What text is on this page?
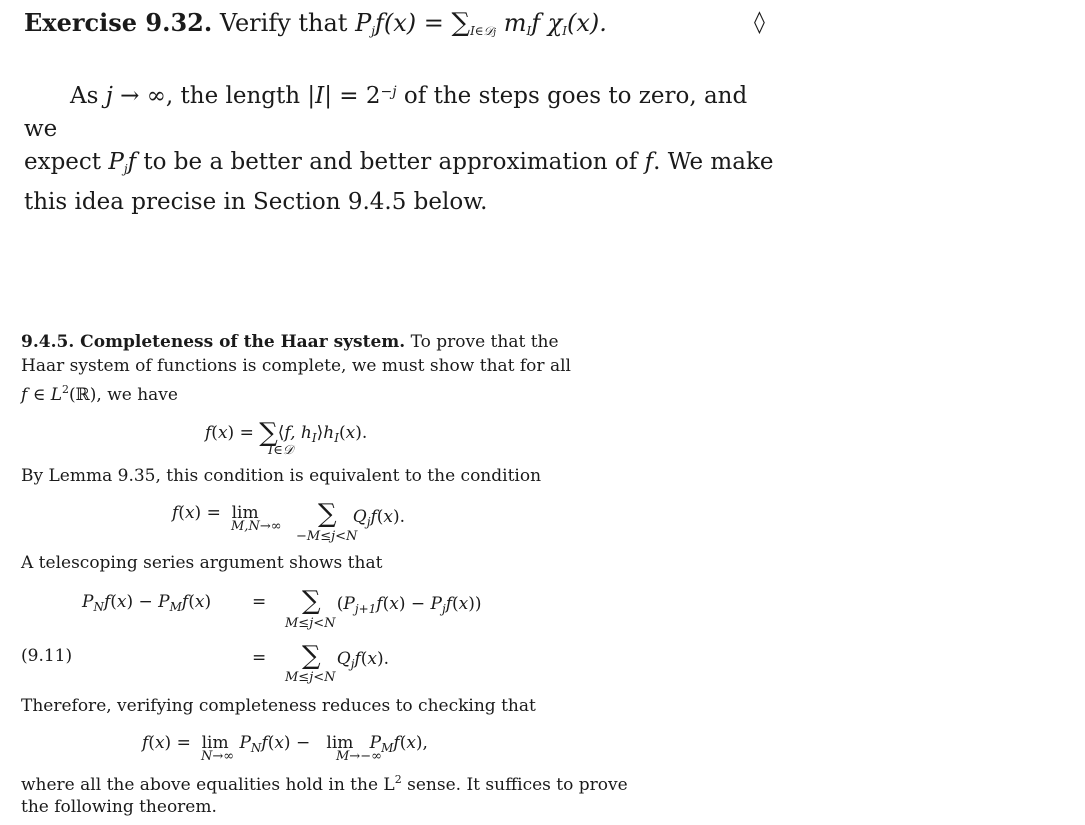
Exercise 9.32. Verify that $P_jf(x) = \sum_{I\in 𝒟j}$ $m_If$ $\chi_I(x)$.	◊
As j → ∞, the length $|I| = 2^{-j}$ of the steps goes to zero, and we
expect $P_jf$ to be a better and better approximation of f. We make
this idea precise in Section 9.4.5 below.
9.4.5. Completeness of the Haar system. To prove that the
Haar system of functions is complete, we must show that for all
f ∈ $L^2(ℝ)$, we have
f(x) = ∑⟨f, $h_I⟩h_I(x)$.
I∈𝒟
By Lemma 9.35, this condition is equivalent to the condition
f(x) =  lim
M,N→∞ ∑ $Q_jf(x)$.
−M≤j<N
A telescoping series argument shows that
$P_Nf(x) - P_Mf(x)$ = ∑   $(P_{j+1}f(x) - P_jf(x))$
M≤j<N
(9.11)	= ∑ $Q_jf(x)$.
M≤j<N
Therefore, verifying completeness reduces to checking that
$f(x) = \lim P_Nf(x) - \lim P_Mf(x)$,
N→∞	M→−∞
where all the above equalities hold in the $L^2$ sense. It suffices to prove
the following theorem.
